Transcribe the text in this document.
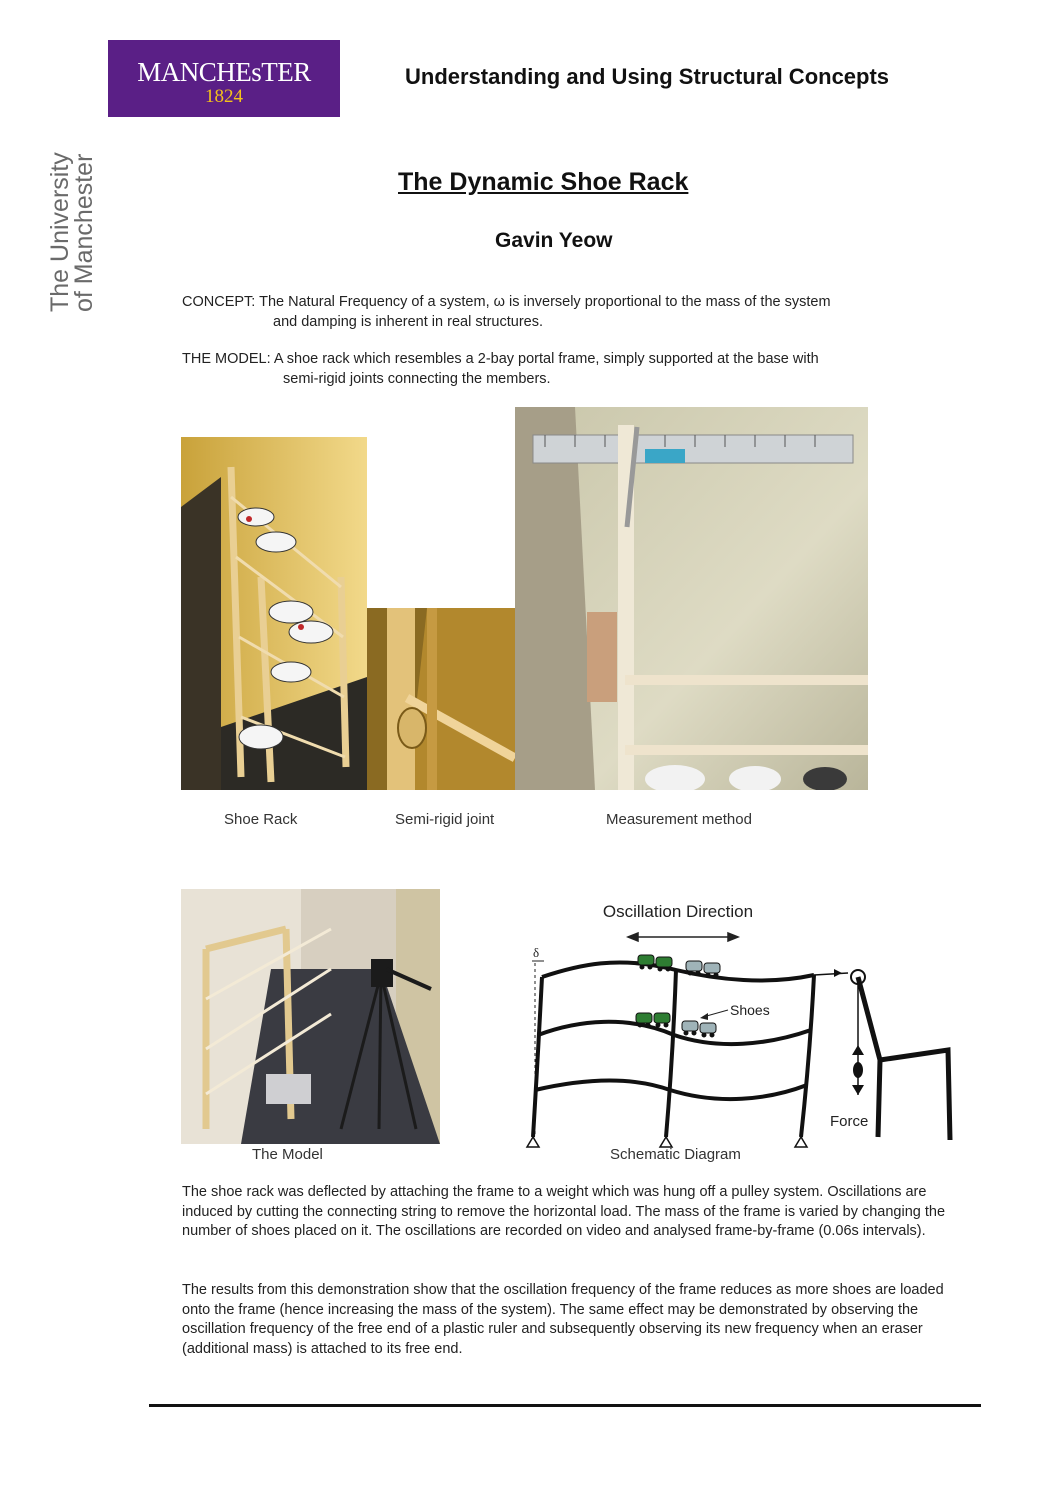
MANCHEsTER
1824
The University
of Manchester
Understanding and Using Structural Concepts
The Dynamic Shoe Rack
Gavin Yeow
CONCEPT: The Natural Frequency of a system, ω is inversely proportional to the mass of the system
and damping is inherent in real structures.
THE MODEL: A shoe rack which resembles a 2-bay portal frame, simply supported at the base with
semi-rigid joints connecting the members.
Shoe Rack	Semi-rigid joint	Measurement method
Oscillation Direction
δ
Shoes
Force
The Model	Schematic Diagram
The shoe rack was deflected by attaching the frame to a weight which was hung off a pulley system. Oscillations are induced by cutting the connecting string to remove the horizontal load. The mass of the frame is varied by changing the number of shoes placed on it. The oscillations are recorded on video and analysed frame-by-frame (0.06s intervals).
The results from this demonstration show that the oscillation frequency of the frame reduces as more shoes are loaded onto the frame (hence increasing the mass of the system). The same effect may be demonstrated by observing the oscillation frequency of the free end of a plastic ruler and subsequently observing its new frequency when an eraser (additional mass) is attached to its free end.
